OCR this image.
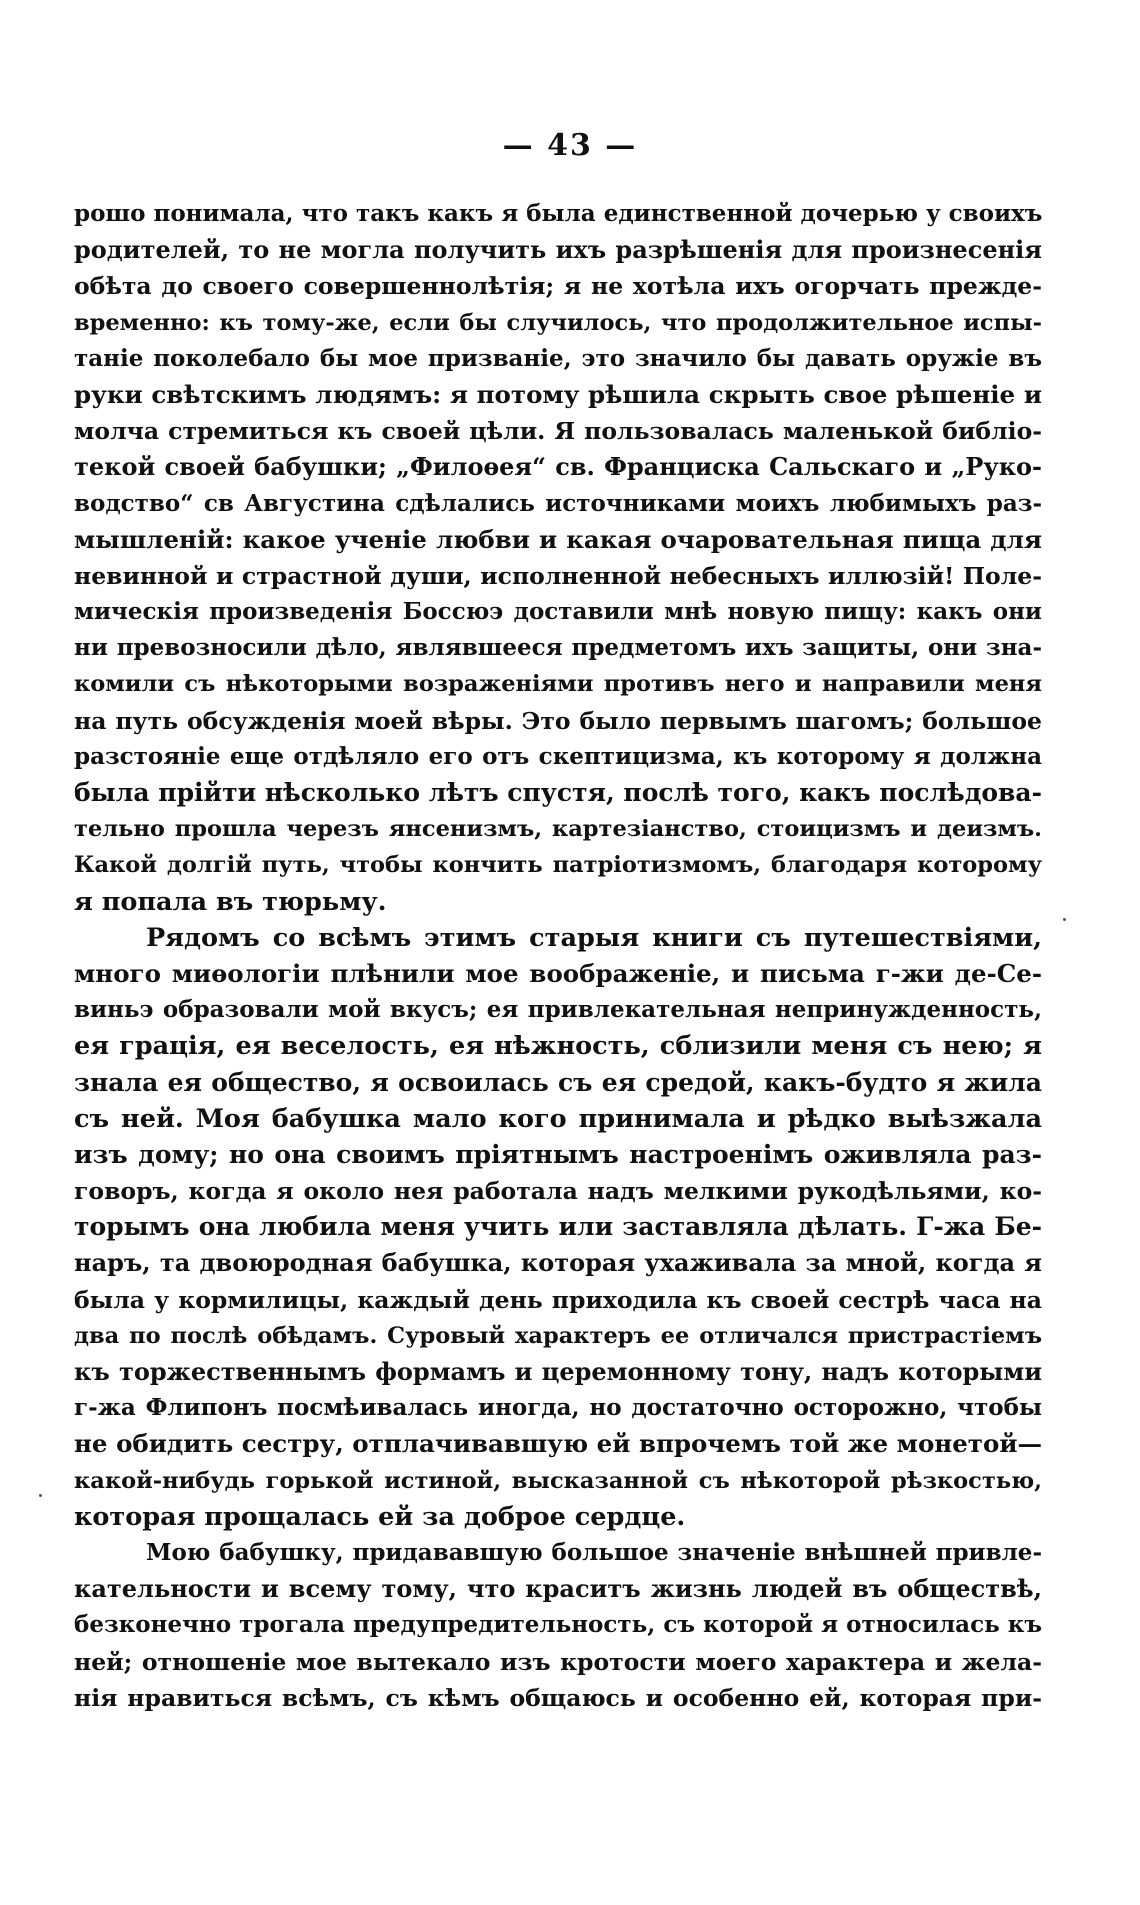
— 43 —
рошо понимала, что такъ какъ я была единственной дочерью у своихъ
родителей, то не могла получить ихъ разрѣшенія для произнесенія
обѣта до своего совершеннолѣтія; я не хотѣла ихъ огорчать прежде-
временно: къ тому-же, если бы случилось, что продолжительное испы-
таніе поколебало бы мое призваніе, это значило бы давать оружіе въ
руки свѣтскимъ людямъ: я потому рѣшила скрыть свое рѣшеніе и
молча стремиться къ своей цѣли. Я пользовалась маленькой библіо-
текой своей бабушки; „Филоѳея“ св. Франциска Сальскаго и „Руко-
водство“ св Августина сдѣлались источниками моихъ любимыхъ раз-
мышленій: какое ученіе любви и какая очаровательная пища для
невинной и страстной души, исполненной небесныхъ иллюзій! Поле-
мическія произведенія Боссюэ доставили мнѣ новую пищу: какъ они
ни превозносили дѣло, являвшееся предметомъ ихъ защиты, они зна-
комили съ нѣкоторыми возраженіями противъ него и направили меня
на путь обсужденія моей вѣры. Это было первымъ шагомъ; большое
разстояніе еще отдѣляло его отъ скептицизма, къ которому я должна
была прійти нѣсколько лѣтъ спустя, послѣ того, какъ послѣдова-
тельно прошла черезъ янсенизмъ, картезіанство, стоицизмъ и деизмъ.
Какой долгій путь, чтобы кончить патріотизмомъ, благодаря которому
я попала въ тюрьму.
Рядомъ со всѣмъ этимъ старыя книги съ путешествіями,
много миѳологіи плѣнили мое воображеніе, и письма г-жи де-Се-
виньэ образовали мой вкусъ; ея привлекательная непринужденность,
ея грація, ея веселость, ея нѣжность, сблизили меня съ нею; я
знала ея общество, я освоилась съ ея средой, какъ-будто я жила
съ ней. Моя бабушка мало кого принимала и рѣдко выѣзжала
изъ дому; но она своимъ пріятнымъ настроенімъ оживляла раз-
говоръ, когда я около нея работала надъ мелкими рукодѣльями, ко-
торымъ она любила меня учить или заставляла дѣлать. Г-жа Бе-
наръ, та двоюродная бабушка, которая ухаживала за мной, когда я
была у кормилицы, каждый день приходила къ своей сестрѣ часа на
два по послѣ обѣдамъ. Суровый характеръ ее отличался пристрастіемъ
къ торжественнымъ формамъ и церемонному тону, надъ которыми
г-жа Флипонъ посмѣивалась иногда, но достаточно осторожно, чтобы
не обидить сестру, отплачивавшую ей впрочемъ той же монетой—
какой-нибудь горькой истиной, высказанной съ нѣкоторой рѣзкостью,
которая прощалась ей за доброе сердце.
Мою бабушку, придававшую большое значеніе внѣшней привле-
кательности и всему тому, что краситъ жизнь людей въ обществѣ,
безконечно трогала предупредительность, съ которой я относилась къ
ней; отношеніе мое вытекало изъ кротости моего характера и жела-
нія нравиться всѣмъ, съ кѣмъ общаюсь и особенно ей, которая при-
